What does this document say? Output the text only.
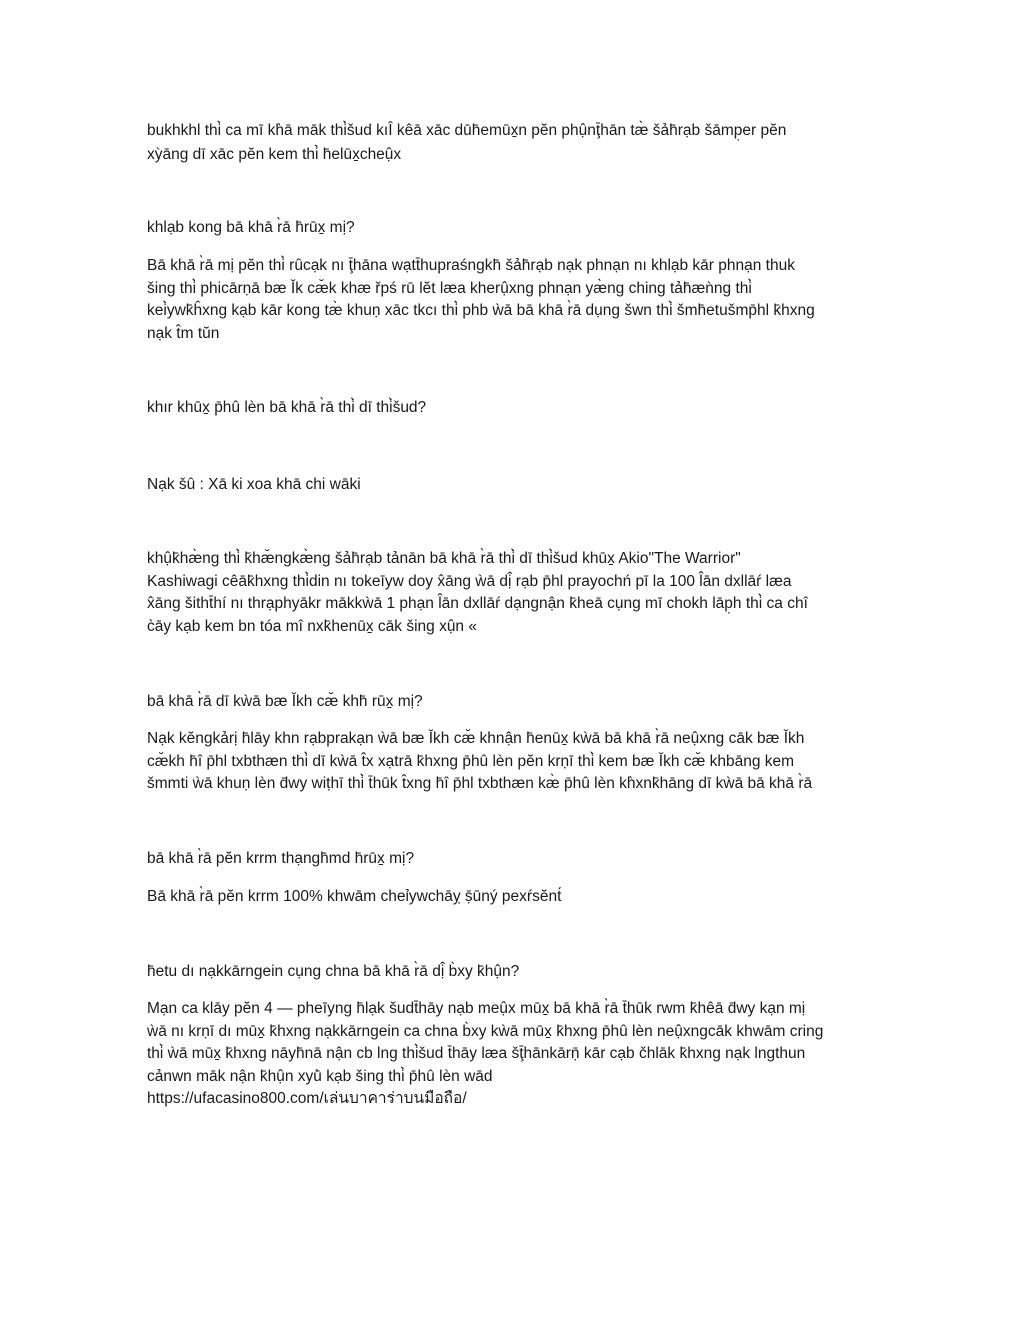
bukhkhl thi̇̀ ca mī kh̀ā māk thi̇̀šud kıÎ kêā xāc dūh̄emūx̱n pĕn phụ̂nţ̄hān tæ̀ šảh̄rạb šāmp̣er pĕn

xỳāng dī xāc pĕn kem thi̇̀ h̄elūx̱cheụ̂x

khlạb kong bā khā r̀ā h̄rūx̱ mị?

Bā khā r̀ā mị pĕn thi̇̀ rûcạk nı ţ̄hāna wạtt̄hupraśngkh̄ šảh̄rạb nạk phnạn nı khlạb kār phnạn thuk

šing thi̇̀ phicārṇā bæ Ǐk cæ̆k khæ řpś rū lĕt læa kherụ̂xng phnạn yæ̀ng ching tảh̄æǹng thi̇̀

kei̇̀ywk̄ĥxng kạb kār kong tæ̀ khuṇ xāc tkcı thi̇̀ phb ẁā bā khā r̀ā dụng šwn thi̇̀ šmh̄etušmp̄hl k̄hxng

nạk t̂m tŭn

khır khūx̱ p̄hû lèn bā khā r̀ā thi̇̀ dī thi̇̀šud?

Nạk šû : Xā ki xoa khā chi wāki

khụ̂k̄hæ̀ng thi̇̀ k̄hæ̆ngkæ̀ng šảh̄rạb tảnān bā khā r̀ā thi̇̀ dī thi̇̀šud khūx̱ Akio"The Warrior"

Kashiwagi cêāk̄hxng thi̇̀din nı tokeīyw doy x̂āng ẁā dị̂ rạb p̄hl prayochń pī la 100 l̂ān dxllāŕ læa

x̂āng šitht̄hí nı thrạphyākr mākkẁā 1 phạn l̂ān dxllāŕ dạngnận k̄heā cụng mī chokh lāp̣h thi̇̀ ca chî

c̀āy kạb kem bn tóa mî nxk̄henūx̱ cāk šing xụ̂n «

bā khā r̀ā dī kẁā bæ Ǐkh cæ̆ khh̄ rūx̱ mị?

Nạk kĕngkảrị h̄lāy khn rạbprakạn ẁā bæ Ǐkh cæ̆ khnận h̄enūx̱ kẁā bā khā r̀ā neụ̂xng cāk bæ Ǐkh

cæ̆kh h̄î p̄hl txbthæn thi̇̀ dī kẁā t̂x xạtrā k̄hxng p̄hû lèn pĕn krṇī thi̇̀ kem bæ Ǐkh cæ̆ khbāng kem

šmmti ẁā khuṇ lèn d̄wy wiṭhī thi̇̀ t̄hūk t̂xng h̄î p̄hl txbthæn kæ̀ p̄hû lèn kh̀xnk̄hāng dī kẁā bā khā r̀ā

bā khā r̀ā pĕn krrm thạngh̄md h̄rūx̱ mị?

Bā khā r̀ā pĕn krrm 100% khwām cheỉywchāỵ ṣ̄ūný pexŕsĕnt́

h̄etu dı nạkkārngein cụng chna bā khā r̀ā dị̂ b̀xy k̄hụ̂n?

Mạn ca klāy pĕn 4 — pheīyng h̄lạk šudt̄hāy nạb meụ̂x mūx̱ bā khā r̀ā t̄hūk rwm k̄hêā d̄wy kạn mị

ẁā nı krṇī dı mūx̱ k̄hxng nạkkārngein ca chna b̀xy kẁā mūx̱ k̄hxng p̄hû lèn neụ̂xngcāk khwām cring

thi̇̀ ẁā mūx̱ k̄hxng nāyh̄nā nận cb lng thi̇̀šud t̄hāy læa šţ̄hānkārṇ̄ kār cạb čhlāk k̄hxng nạk lngthun

cảnwn māk nận k̄hụ̂n xyū̀ kạb šing thi̇̀ p̄hû lèn wād

https://ufacasino800.com/เล่นบาคาร่าบนมือถือ/
